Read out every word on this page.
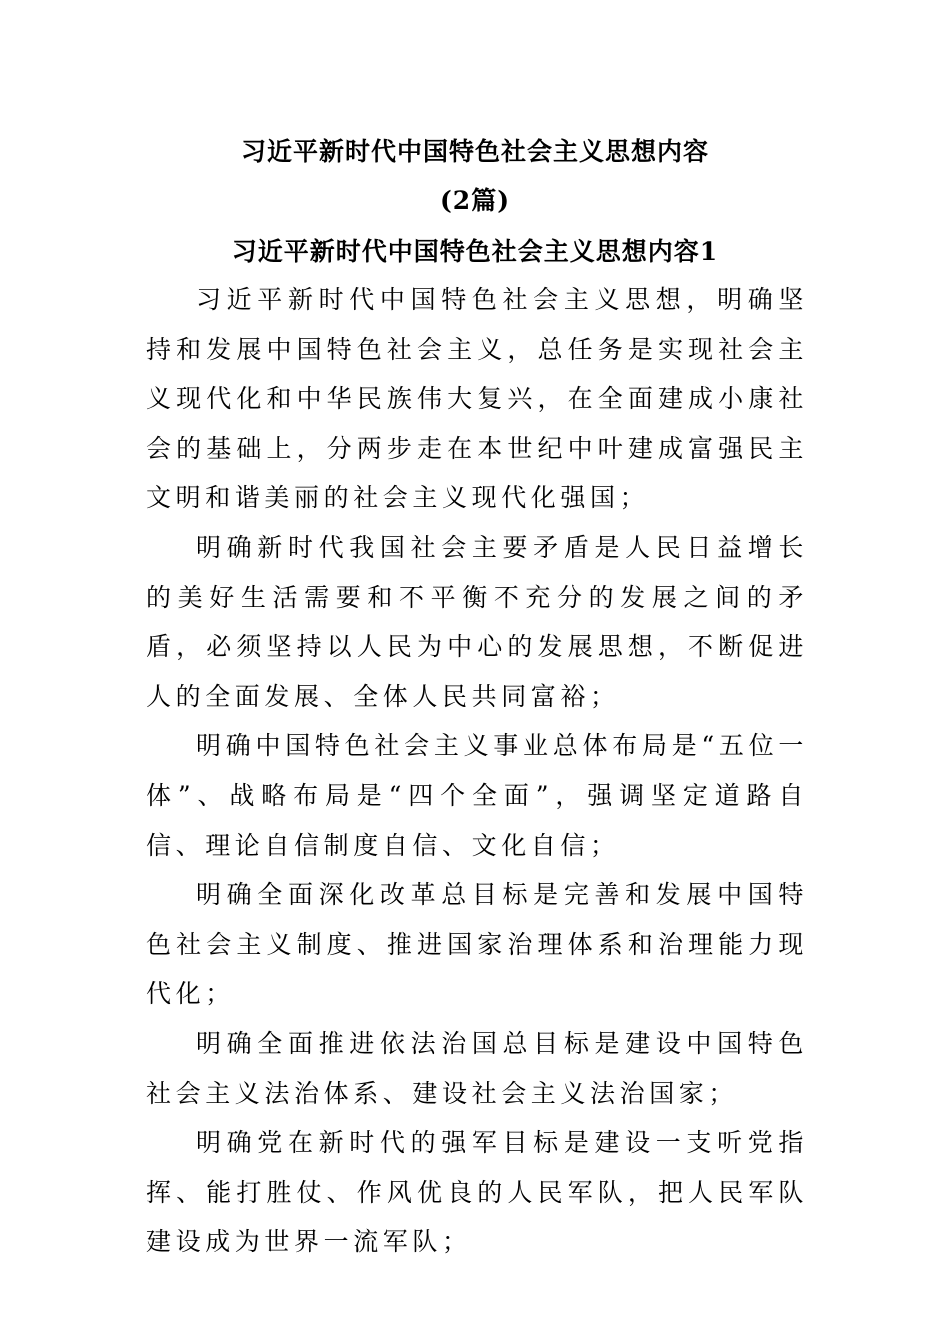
习近平新时代中国特色社会主义思想内容
(2篇)
习近平新时代中国特色社会主义思想内容1

习近平新时代中国特色社会主义思想，明确坚持和发展中国特色社会主义，总任务是实现社会主义现代化和中华民族伟大复兴，在全面建成小康社会的基础上，分两步走在本世纪中叶建成富强民主文明和谐美丽的社会主义现代化强国；

明确新时代我国社会主要矛盾是人民日益增长的美好生活需要和不平衡不充分的发展之间的矛盾，必须坚持以人民为中心的发展思想，不断促进人的全面发展、全体人民共同富裕；

明确中国特色社会主义事业总体布局是“五位一体”、战略布局是“四个全面”，强调坚定道路自信、理论自信制度自信、文化自信；

明确全面深化改革总目标是完善和发展中国特色社会主义制度、推进国家治理体系和治理能力现代化；

明确全面推进依法治国总目标是建设中国特色社会主义法治体系、建设社会主义法治国家；

明确党在新时代的强军目标是建设一支听党指挥、能打胜仗、作风优良的人民军队，把人民军队建设成为世界一流军队；
